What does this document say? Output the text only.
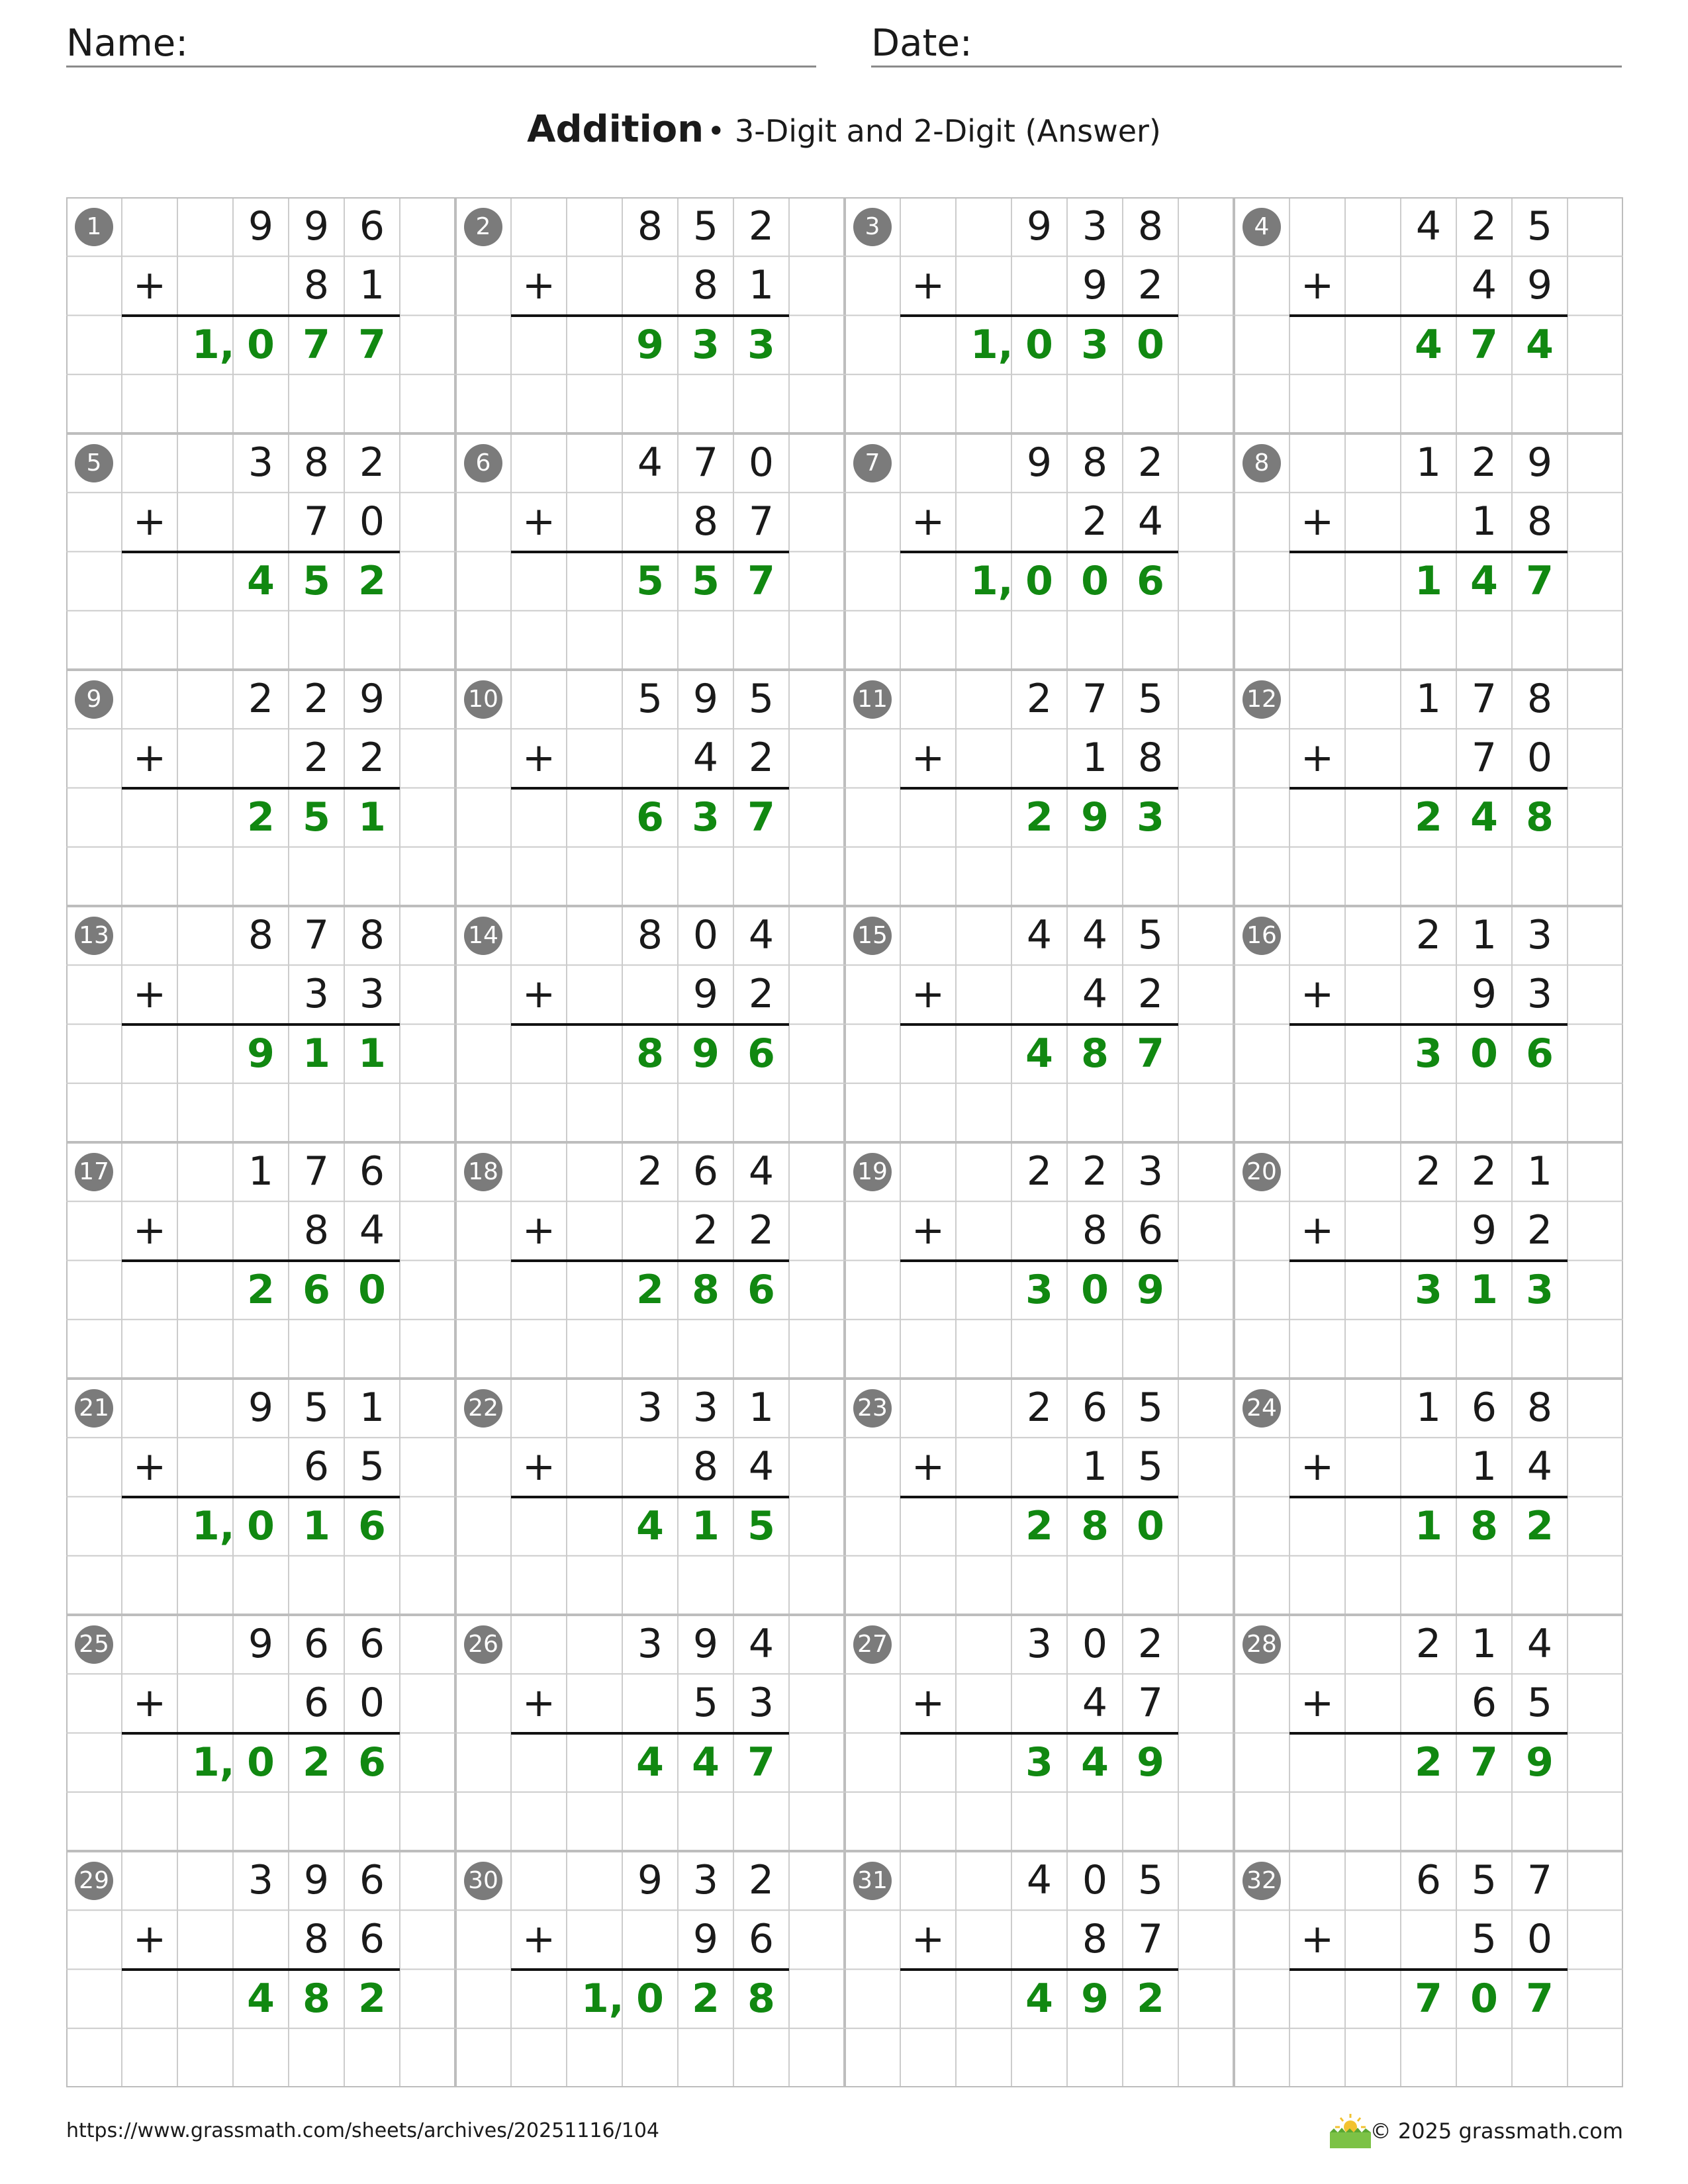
Name:	Date:
Addition • 3-Digit and 2-Digit (Answer)
1	9 9 6
8 1
+
1, 0 7 7
2	8 5 2
8 1
+
9 3 3
3	9 3 8
9 2
+
1, 0 3 0
4	4 2 5
4 9
+
4 7 4
5	3 8 2
7 0
+
4 5 2
6	4 7 0
8 7
+
5 5 7
7	9 8 2
2 4
+
1, 0 0 6
8	1 2 9
1 8
+
1 4 7
9	2 2 9
2 2
+
2 5 1
10	5 9 5
4 2
+
6 3 7
11	2 7 5
1 8
+
2 9 3
12	1 7 8
7 0
+
2 4 8
13	8 7 8
3 3
+
9 1 1
14	8 0 4
9 2
+
8 9 6
15	4 4 5
4 2
+
4 8 7
16	2 1 3
9 3
+
3 0 6
17	1 7 6
8 4
+
2 6 0
18	2 6 4
2 2
+
2 8 6
19	2 2 3
8 6
+
3 0 9
20	2 2 1
9 2
+
3 1 3
21	9 5 1
6 5
+
1, 0 1 6
22	3 3 1
8 4
+
4 1 5
23	2 6 5
1 5
+
2 8 0
24	1 6 8
1 4
+
1 8 2
25	9 6 6
6 0
+
1, 0 2 6
26	3 9 4
5 3
+
4 4 7
27	3 0 2
4 7
+
3 4 9
28	2 1 4
6 5
+
2 7 9
29	3 9 6
8 6
+
4 8 2
30	9 3 2
9 6
+
1, 0 2 8
31	4 0 5
8 7
+
4 9 2
32	6 5 7
5 0
+
7 0 7
https://www.grassmath.com/sheets/archives/20251116/104	© 2025 grassmath.com
